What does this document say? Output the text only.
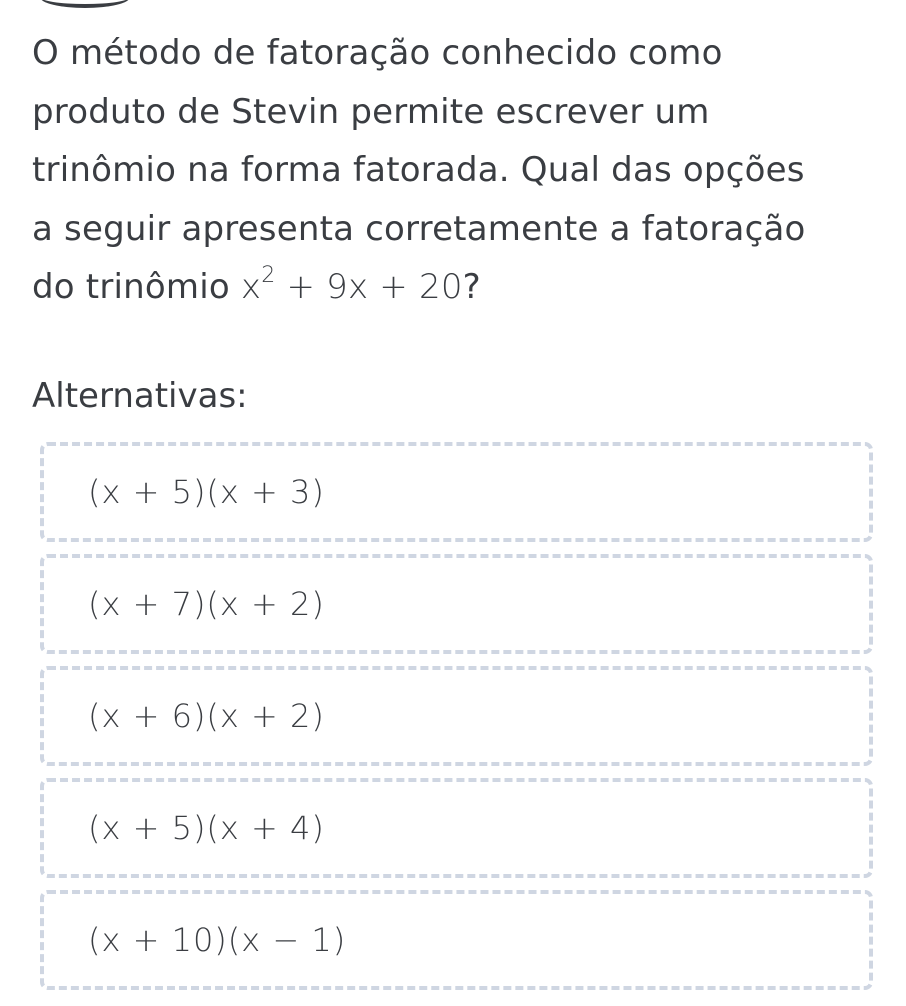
O método de fatoração conhecido como
produto de Stevin permite escrever um
trinômio na forma fatorada. Qual das opções
a seguir apresenta corretamente a fatoração
do trinômio $x^2 + 9x + 20$?
Alternativas:
(x + 5)(x + 3)
(x + 7)(x + 2)
(x + 6)(x + 2)
(x + 5)(x + 4)
(x + 10)(x − 1)
